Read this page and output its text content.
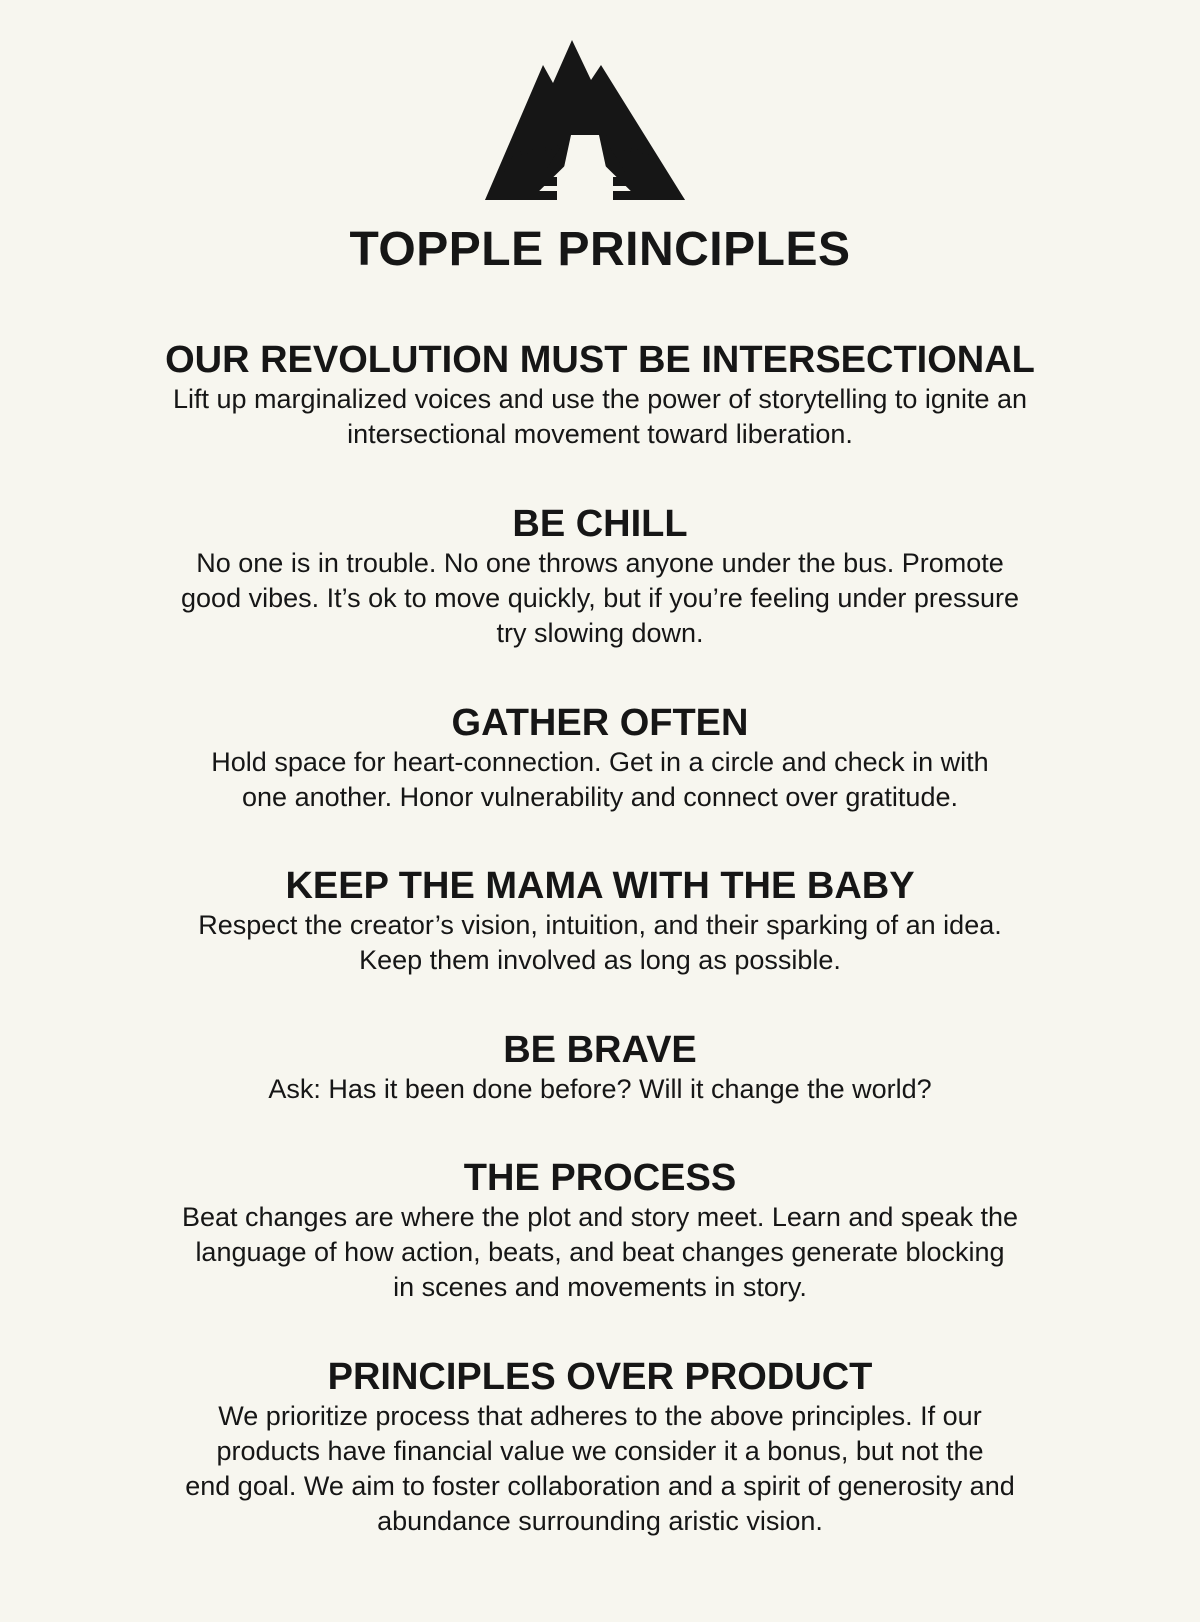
TOPPLE PRINCIPLES
OUR REVOLUTION MUST BE INTERSECTIONAL

Lift up marginalized voices and use the power of storytelling to ignite an
intersectional movement toward liberation.

BE CHILL

No one is in trouble. No one throws anyone under the bus. Promote
good vibes. It’s ok to move quickly, but if you’re feeling under pressure
try slowing down.

GATHER OFTEN

Hold space for heart-connection. Get in a circle and check in with
one another. Honor vulnerability and connect over gratitude.

KEEP THE MAMA WITH THE BABY

Respect the creator’s vision, intuition, and their sparking of an idea.
Keep them involved as long as possible.

BE BRAVE

Ask: Has it been done before? Will it change the world?

THE PROCESS

Beat changes are where the plot and story meet. Learn and speak the
language of how action, beats, and beat changes generate blocking
in scenes and movements in story.

PRINCIPLES OVER PRODUCT

We prioritize process that adheres to the above principles. If our
products have financial value we consider it a bonus, but not the
end goal. We aim to foster collaboration and a spirit of generosity and
abundance surrounding aristic vision.
